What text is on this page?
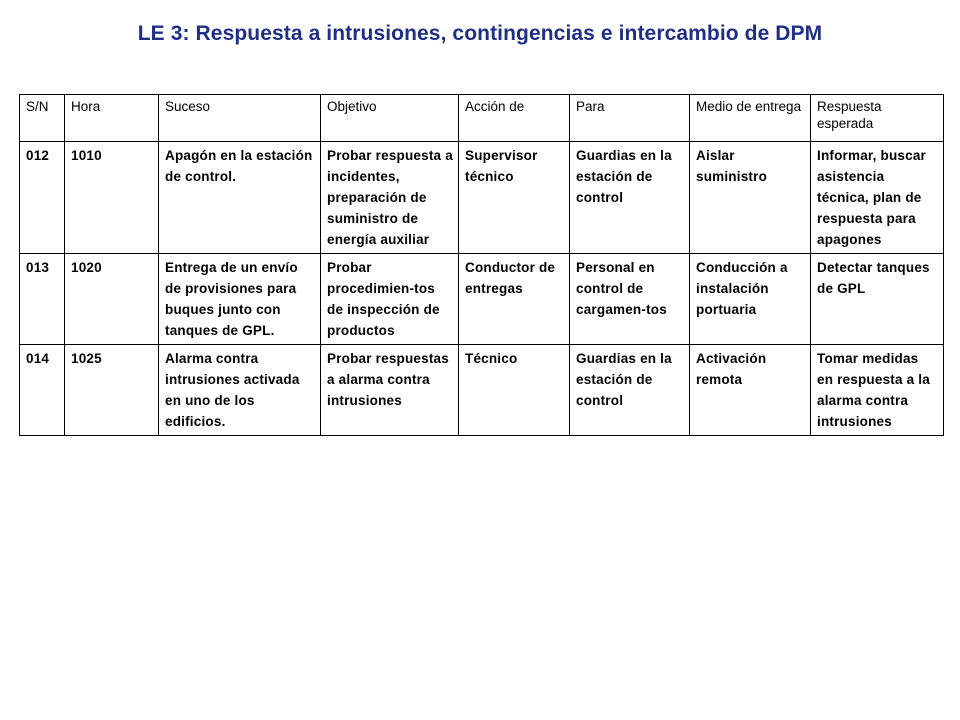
LE 3: Respuesta a intrusiones, contingencias e intercambio de DPM
S/N	Hora	Suceso	Objetivo	Acción de	Para	Medio de entrega	Respuesta esperada
012	1010	Apagón en la estación de control.	Probar respuesta a incidentes, preparación de suministro de energía auxiliar	Supervisor técnico	Guardias en la estación de control	Aislar suministro	Informar, buscar asistencia técnica, plan de respuesta para apagones
013	1020	Entrega de un envío de provisiones para buques junto con tanques de GPL.	Probar procedimien-tos de inspección de productos	Conductor de entregas	Personal en control de cargamen-tos	Conducción a instalación portuaria	Detectar tanques de GPL
014	1025	Alarma contra intrusiones activada en uno de los edificios.	Probar respuestas a alarma contra intrusiones	Técnico	Guardias en la estación de control	Activación remota	Tomar medidas en respuesta a la alarma contra intrusiones
